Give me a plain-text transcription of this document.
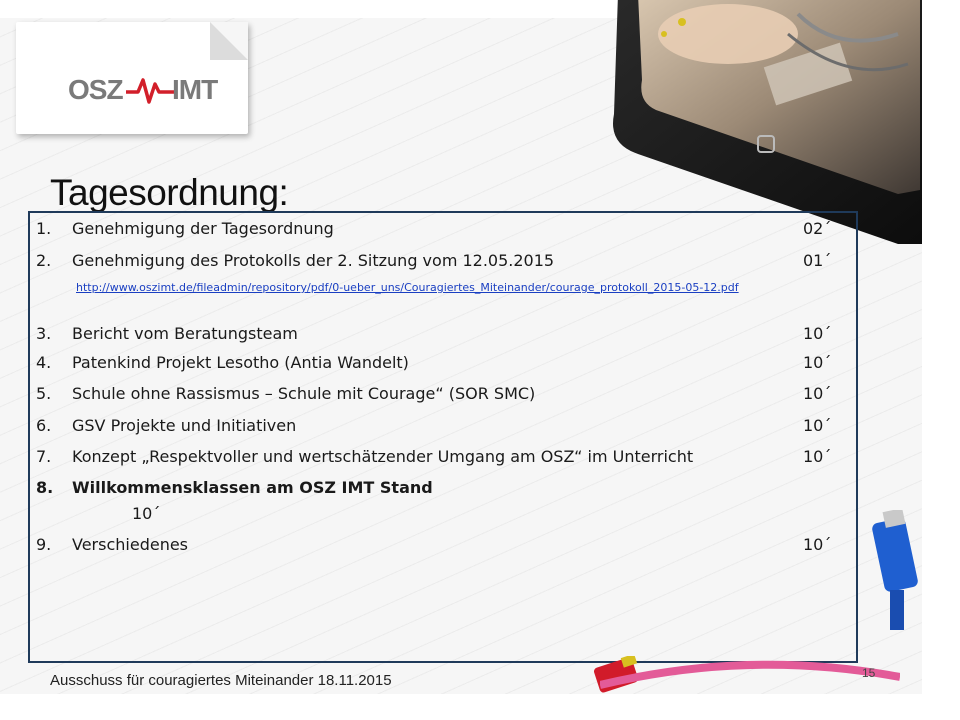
OSZ IMT
Tagesordnung:
1.	Genehmigung der Tagesordnung	02´
2.	Genehmigung des Protokolls der 2. Sitzung vom 12.05.2015	01´
http://www.oszimt.de/fileadmin/repository/pdf/0-ueber_uns/Couragiertes_Miteinander/courage_protokoll_2015-05-12.pdf
3.	Bericht vom Beratungsteam	10´
4.	Patenkind Projekt Lesotho (Antia Wandelt)	10´
5.	Schule ohne Rassismus – Schule mit Courage“ (SOR SMC)	10´
6.	GSV Projekte und Initiativen	10´
7.	Konzept „Respektvoller und wertschätzender Umgang am OSZ“ im Unterricht	10´
8.	Willkommensklassen am OSZ IMT Stand
10´
9.	Verschiedenes	10´
Ausschuss für couragiertes Miteinander 18.11.2015	15
